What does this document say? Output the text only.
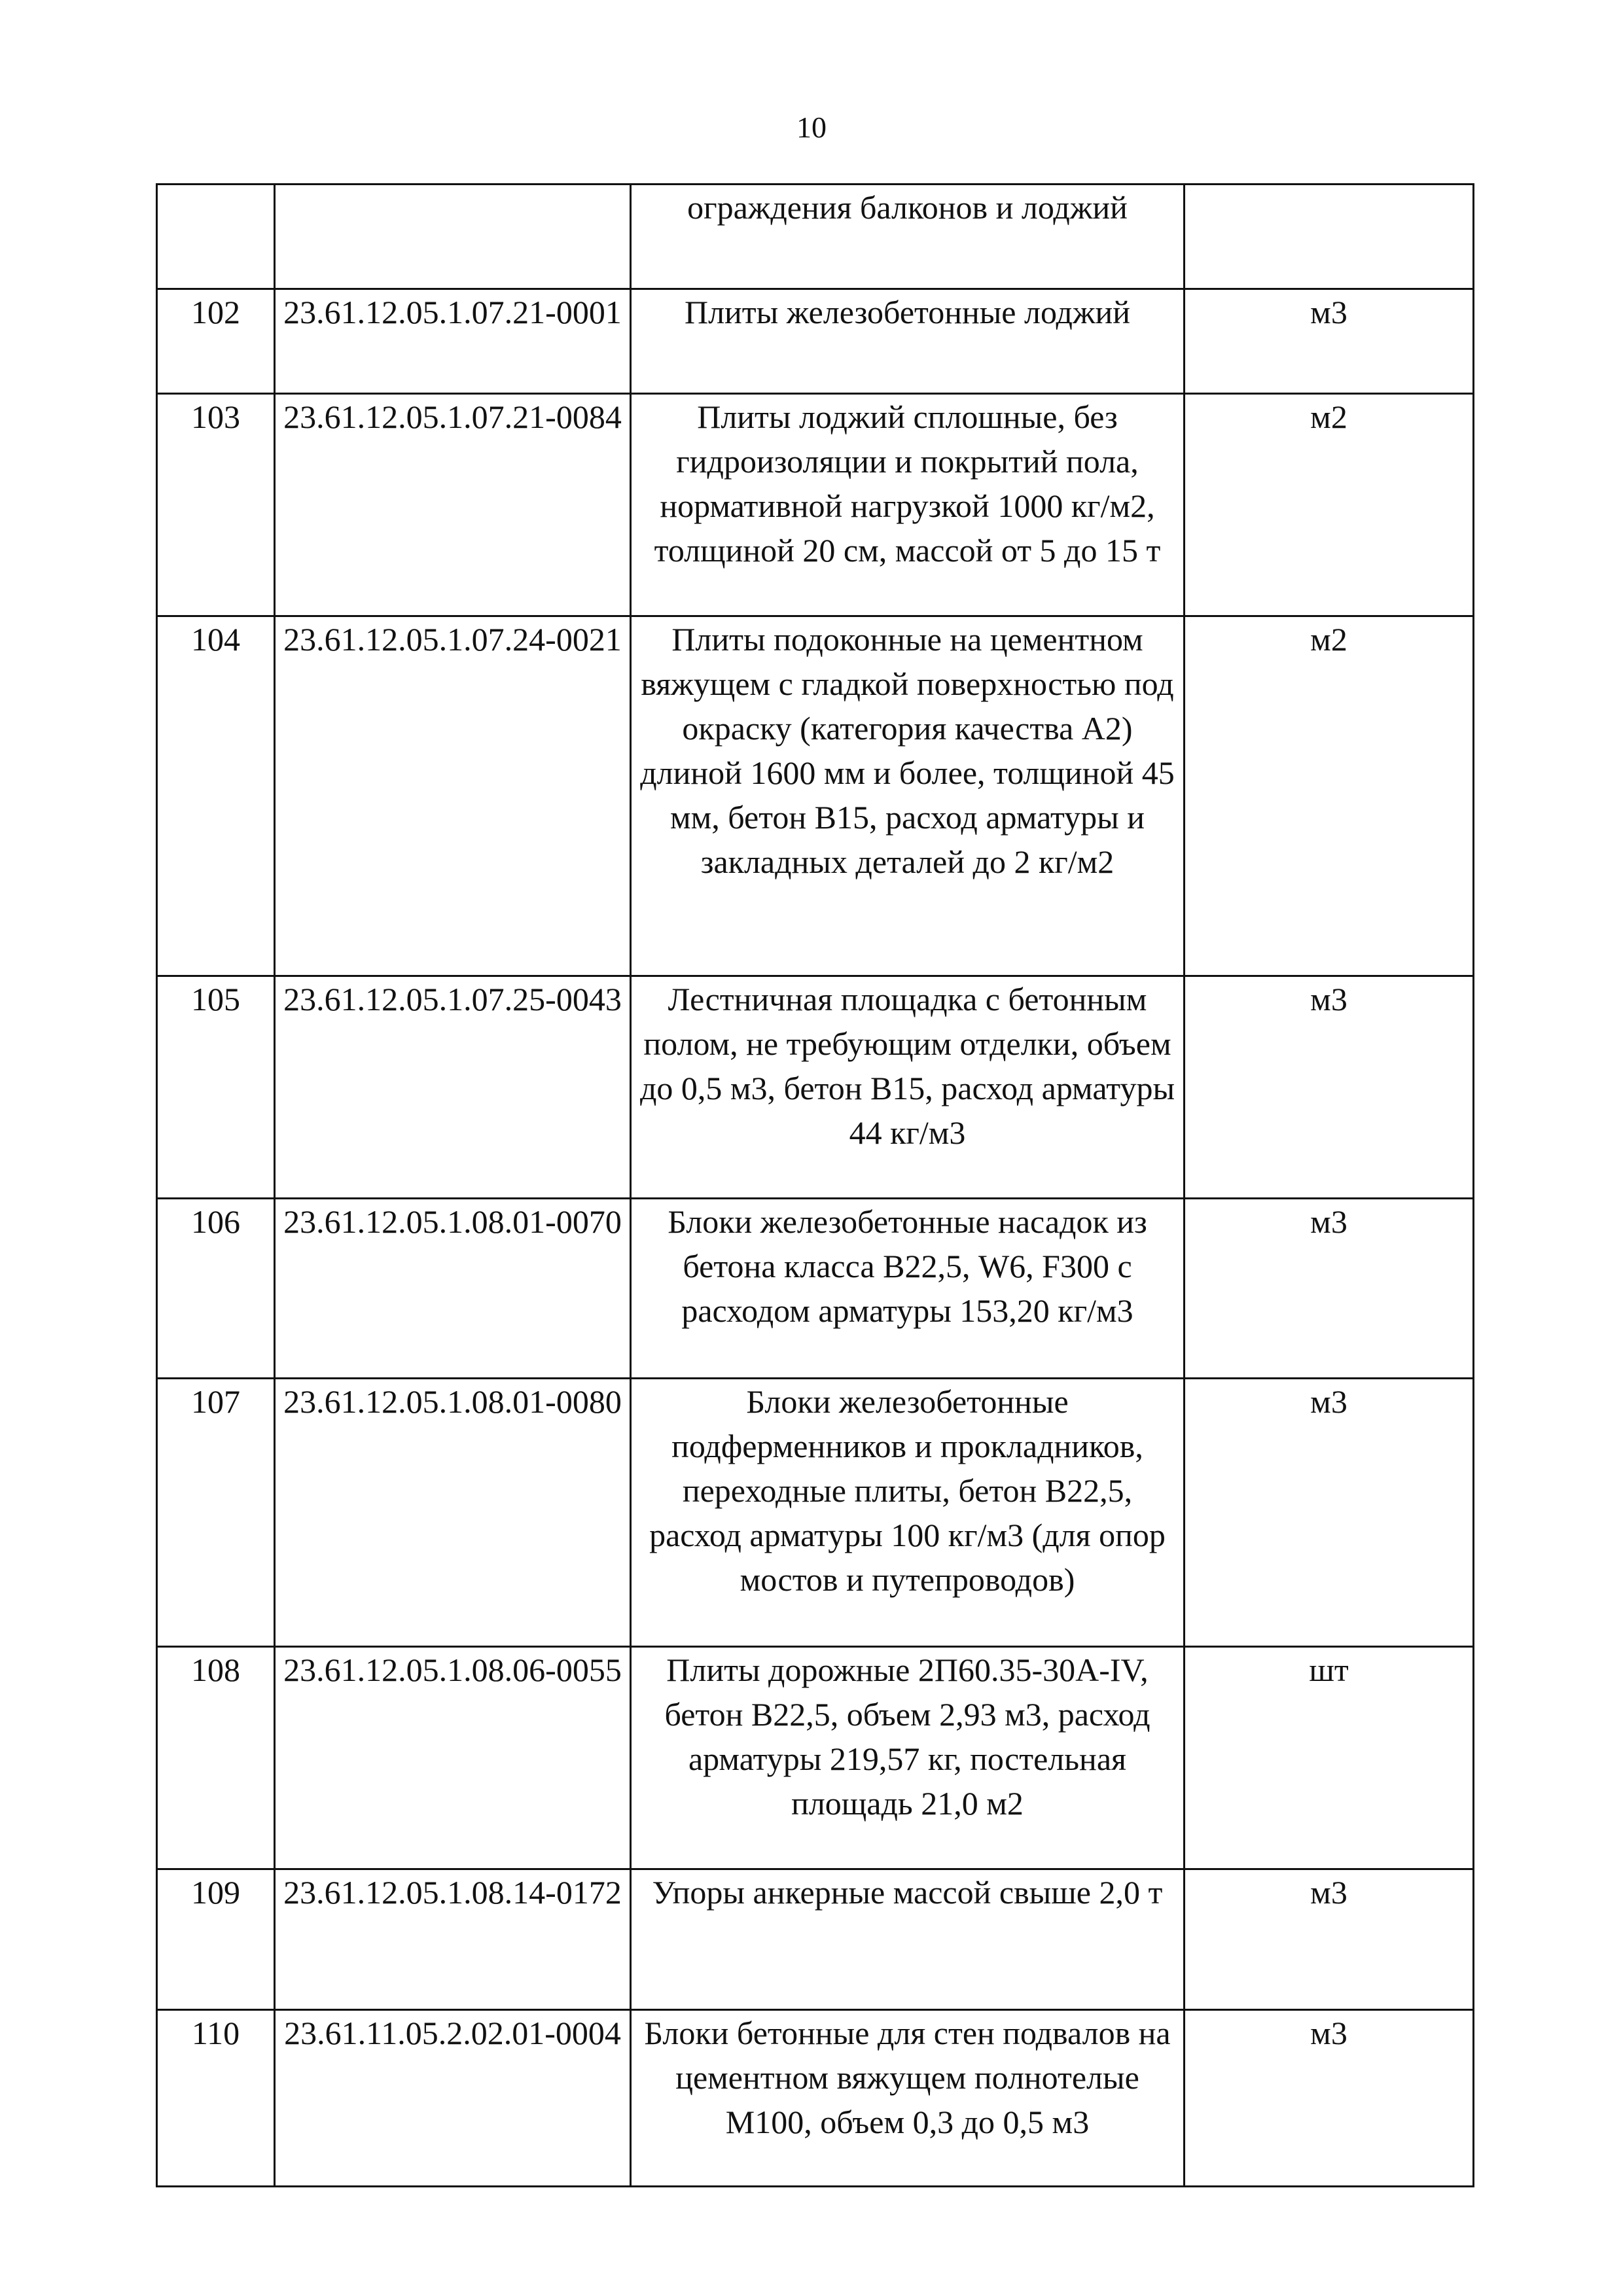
10
		ограждения балконов и лоджий	
102	23.61.12.05.1.07.21-0001	Плиты железобетонные лоджий	м3
103	23.61.12.05.1.07.21-0084	Плиты лоджий сплошные, без гидроизоляции и покрытий пола, нормативной нагрузкой 1000 кг/м2, толщиной 20 см, массой от 5 до 15 т	м2
104	23.61.12.05.1.07.24-0021	Плиты подоконные на цементном вяжущем с гладкой поверхностью под окраску (категория качества А2) длиной 1600 мм и более, толщиной 45 мм, бетон В15, расход арматуры и закладных деталей до 2 кг/м2	м2
105	23.61.12.05.1.07.25-0043	Лестничная площадка с бетонным полом, не требующим отделки, объем до 0,5 м3, бетон В15, расход арматуры 44 кг/м3	м3
106	23.61.12.05.1.08.01-0070	Блоки железобетонные насадок из бетона класса В22,5, W6, F300 с расходом арматуры 153,20 кг/м3	м3
107	23.61.12.05.1.08.01-0080	Блоки железобетонные подферменников и прокладников, переходные плиты, бетон В22,5, расход арматуры 100 кг/м3 (для опор мостов и путепроводов)	м3
108	23.61.12.05.1.08.06-0055	Плиты дорожные 2П60.35-30А-IV, бетон В22,5, объем 2,93 м3, расход арматуры 219,57 кг, постельная площадь 21,0 м2	шт
109	23.61.12.05.1.08.14-0172	Упоры анкерные массой свыше 2,0 т	м3
110	23.61.11.05.2.02.01-0004	Блоки бетонные для стен подвалов на цементном вяжущем полнотелые М100, объем 0,3 до 0,5 м3	м3
